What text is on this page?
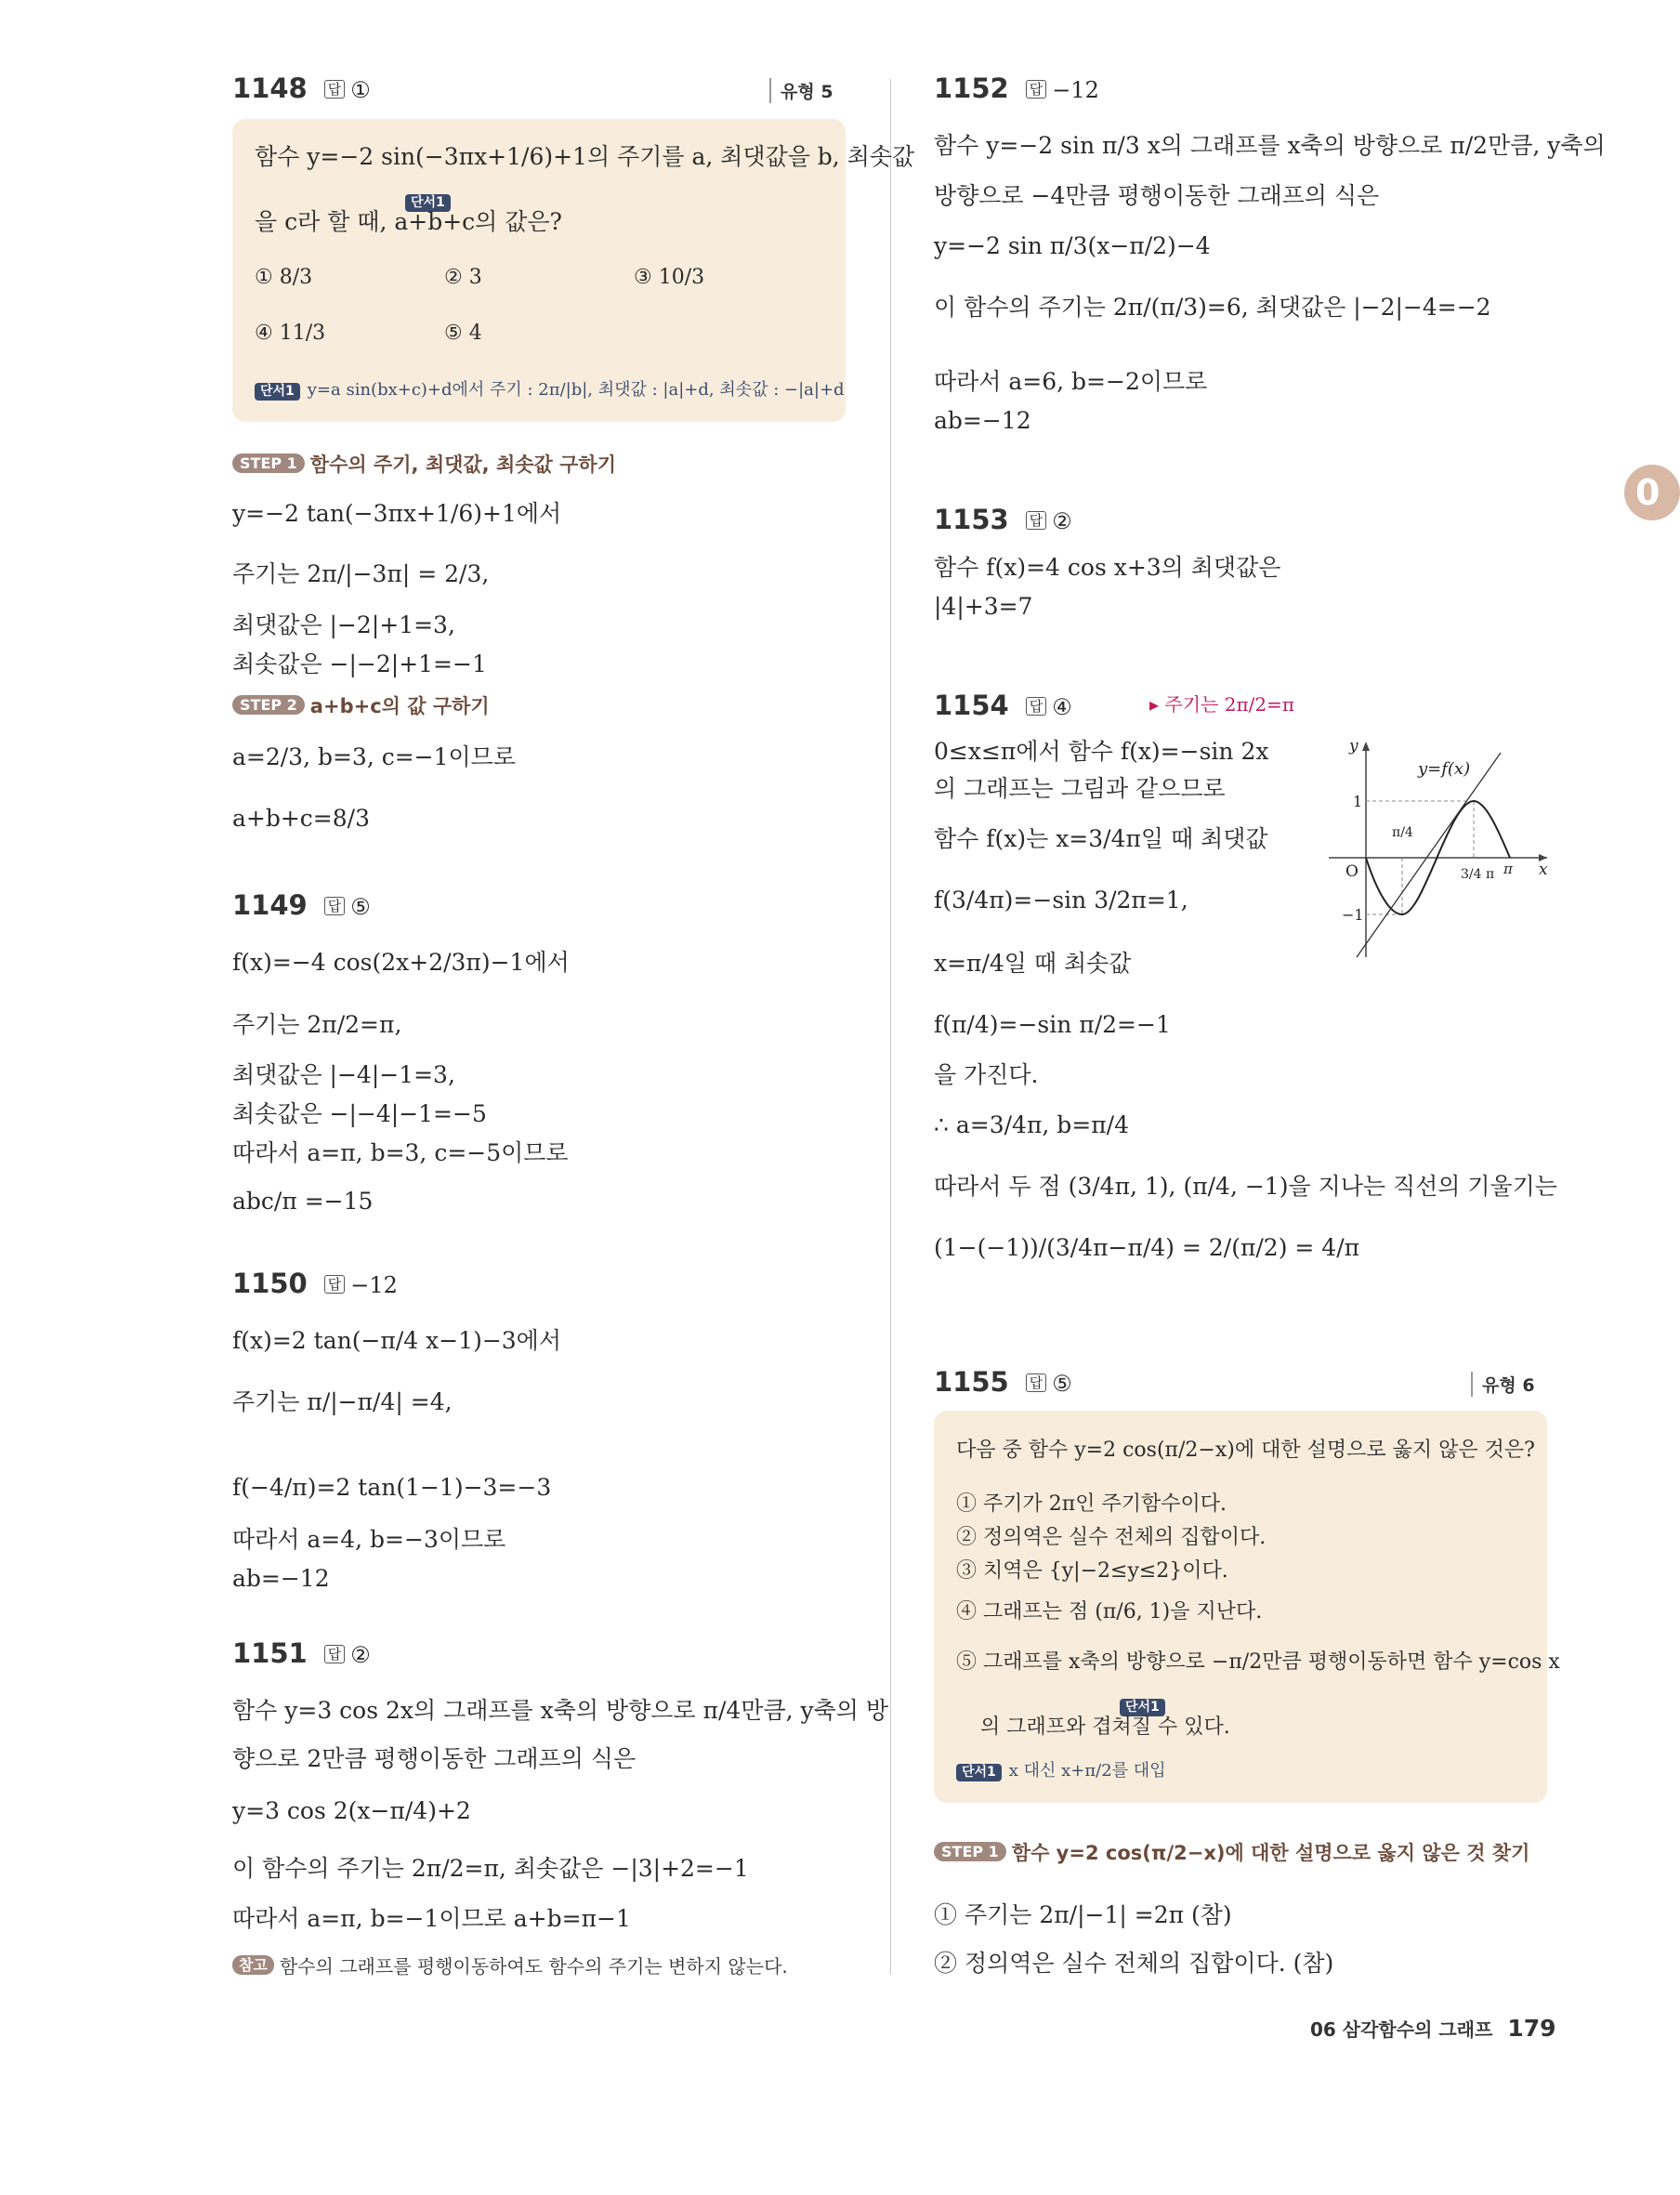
0
1148 답 ①	유형 5
함수 y=−2 sin(−3πx+1/6)+1의 주기를 a, 최댓값을 b, 최솟값
단서1
을 c라 할 때, a+b+c의 값은?
① 8/3	② 3	③ 10/3
④ 11/3	⑤ 4
단서1 y=a sin(bx+c)+d에서 주기 : 2π/|b|, 최댓값 : |a|+d, 최솟값 : −|a|+d
STEP 1 함수의 주기, 최댓값, 최솟값 구하기
y=−2 tan(−3πx+1/6)+1에서
주기는 2π/|−3π| = 2/3,
최댓값은 |−2|+1=3,
최솟값은 −|−2|+1=−1
STEP 2 a+b+c의 값 구하기
a=2/3, b=3, c=−1이므로
a+b+c=8/3
1149 답 ⑤
f(x)=−4 cos(2x+2/3π)−1에서
주기는 2π/2=π,
최댓값은 |−4|−1=3,
최솟값은 −|−4|−1=−5
따라서 a=π, b=3, c=−5이므로
abc/π =−15
1150 답 −12
f(x)=2 tan(−π/4 x−1)−3에서
주기는 π/|−π/4| =4,
f(−4/π)=2 tan(1−1)−3=−3
따라서 a=4, b=−3이므로
ab=−12
1151 답 ②
함수 y=3 cos 2x의 그래프를 x축의 방향으로 π/4만큼, y축의 방
향으로 2만큼 평행이동한 그래프의 식은
y=3 cos 2(x−π/4)+2
이 함수의 주기는 2π/2=π, 최솟값은 −|3|+2=−1
따라서 a=π, b=−1이므로 a+b=π−1
참고 함수의 그래프를 평행이동하여도 함수의 주기는 변하지 않는다.
1152 답 −12
함수 y=−2 sin π/3 x의 그래프를 x축의 방향으로 π/2만큼, y축의
방향으로 −4만큼 평행이동한 그래프의 식은
y=−2 sin π/3(x−π/2)−4
이 함수의 주기는 2π/(π/3)=6, 최댓값은 |−2|−4=−2
따라서 a=6, b=−2이므로
ab=−12
1153 답 ②
함수 f(x)=4 cos x+3의 최댓값은
|4|+3=7
1154 답 ④	▸ 주기는 2π/2=π
0≤x≤π에서 함수 f(x)=−sin 2x
의 그래프는 그림과 같으므로
함수 f(x)는 x=3/4π일 때 최댓값
f(3/4π)=−sin 3/2π=1,
x=π/4일 때 최솟값
f(π/4)=−sin π/2=−1
을 가진다.
∴ a=3/4π, b=π/4
따라서 두 점 (3/4π, 1), (π/4, −1)을 지나는 직선의 기울기는
(1−(−1))/(3/4π−π/4) = 2/(π/2) = 4/π
1155 답 ⑤	유형 6
다음 중 함수 y=2 cos(π/2−x)에 대한 설명으로 옳지 않은 것은?
① 주기가 2π인 주기함수이다.
② 정의역은 실수 전체의 집합이다.
③ 치역은 {y|−2≤y≤2}이다.
④ 그래프는 점 (π/6, 1)을 지난다.
⑤ 그래프를 x축의 방향으로 −π/2만큼 평행이동하면 함수 y=cos x
단서1
의 그래프와 겹쳐질 수 있다.
단서1 x 대신 x+π/2를 대입
STEP 1 함수 y=2 cos(π/2−x)에 대한 설명으로 옳지 않은 것 찾기
① 주기는 2π/|−1| =2π (참)
② 정의역은 실수 전체의 집합이다. (참)
y
x
O
y=f(x)
1
−1
π/4
3/4 π π
06 삼각함수의 그래프 179
